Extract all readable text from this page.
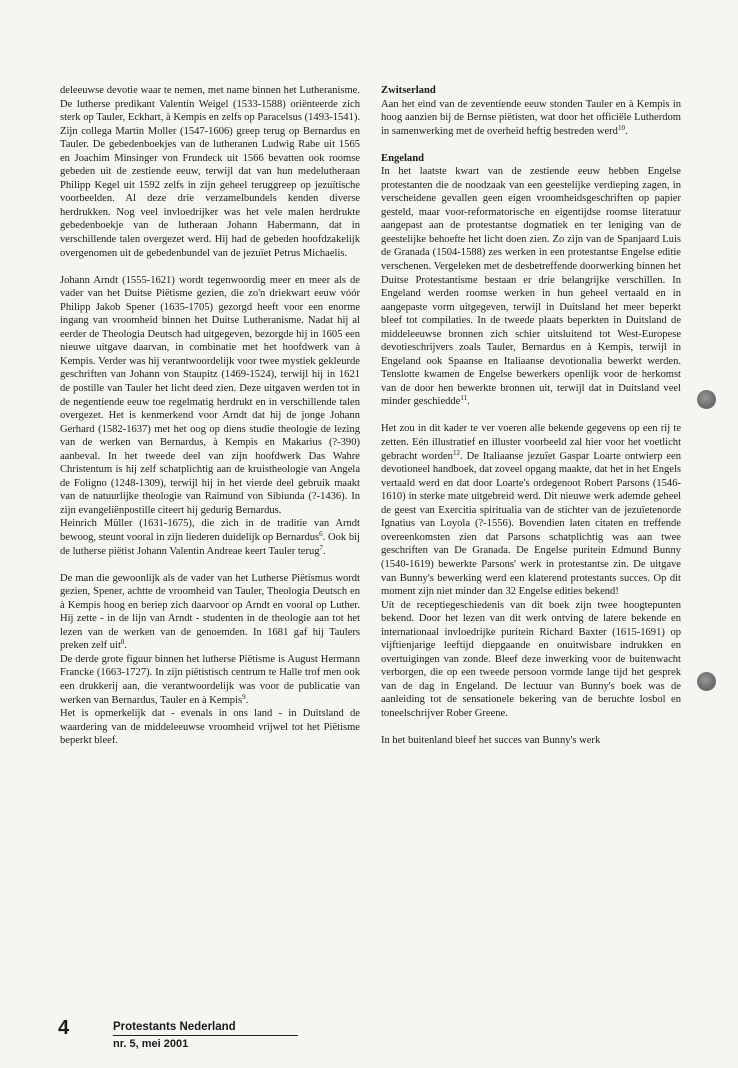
deleeuwse devotie waar te nemen, met name binnen het Lutheranisme. De lutherse predikant Valentin Weigel (1533-1588) oriënteerde zich sterk op Tauler, Eckhart, à Kempis en zelfs op Paracelsus (1493-1541). Zijn collega Martin Moller (1547-1606) greep terug op Bernardus en Tauler. De gebedenboekjes van de lutheranen Ludwig Rabe uit 1565 en Joachim Minsinger von Frundeck uit 1566 bevatten ook roomse gebeden uit de zestiende eeuw, terwijl dat van hun medelutheraan Philipp Kegel uit 1592 zelfs in zijn geheel teruggreep op jezuïtische voorbeelden. Al deze drie verzamelbundels kenden diverse herdrukken. Nog veel invloedrijker was het vele malen herdrukte gebedenboekje van de lutheraan Johann Habermann, dat in verschillende talen overgezet werd. Hij had de gebeden hoofdzakelijk overgenomen uit de gebedenbundel van de jezuïet Petrus Michaelis.

Johann Arndt (1555-1621) wordt tegenwoordig meer en meer als de vader van het Duitse Piëtisme gezien, die zo'n driekwart eeuw vóór Philipp Jakob Spener (1635-1705) gezorgd heeft voor een enorme ingang van vroomheid binnen het Duitse Lutheranisme. Nadat hij al eerder de Theologia Deutsch had uitgegeven, bezorgde hij in 1605 een nieuwe uitgave daarvan, in combinatie met het hoofdwerk van à Kempis. Verder was hij verantwoordelijk voor twee mystiek gekleurde geschriften van Johann von Staupitz (1469-1524), terwijl hij in 1621 de postille van Tauler het licht deed zien. Deze uitgaven werden tot in de negentiende eeuw toe regelmatig herdrukt en in verschillende talen overgezet. Het is kenmerkend voor Arndt dat hij de jonge Johann Gerhard (1582-1637) met het oog op diens studie theologie de lezing van de werken van Bernardus, à Kempis en Makarius (?-390) aanbeval. In het tweede deel van zijn hoofdwerk Das Wahre Christentum is hij zelf schatplichtig aan de kruistheologie van Angela de Foligno (1248-1309), terwijl hij in het vierde deel gebruik maakt van de natuurlijke theologie van Raimund von Sibiunda (?-1436). In zijn evangeliënpostille citeert hij gedurig Bernardus.

Heinrich Müller (1631-1675), die zich in de traditie van Arndt bewoog, steunt vooral in zijn liederen duidelijk op Bernardus$^6$. Ook bij de lutherse piëtist Johann Valentin Andreae keert Tauler terug$^7$.

De man die gewoonlijk als de vader van het Lutherse Piëtismus wordt gezien, Spener, achtte de vroomheid van Tauler, Theologia Deutsch en à Kempis hoog en beriep zich daarvoor op Arndt en vooral op Luther. Hij zette - in de lijn van Arndt - studenten in de theologie aan tot het lezen van de werken van de genoemden. In 1681 gaf hij Taulers preken zelf uit$^8$.

De derde grote figuur binnen het lutherse Piëtisme is August Hermann Francke (1663-1727). In zijn piëtistisch centrum te Halle trof men ook een drukkerij aan, die verantwoordelijk was voor de publicatie van werken van Bernardus, Tauler en à Kempis$^9$.

Het is opmerkelijk dat - evenals in ons land - in Duitsland de waardering van de middeleeuwse vroomheid vrijwel tot het Piëtisme beperkt bleef.

Zwitserland

Aan het eind van de zeventiende eeuw stonden Tauler en à Kempis in hoog aanzien bij de Bernse piëtisten, wat door het officiële Lutherdom in samenwerking met de overheid heftig bestreden werd$^{10}$.

Engeland

In het laatste kwart van de zestiende eeuw hebben Engelse protestanten die de noodzaak van een geestelijke verdieping zagen, in verscheidene gevallen geen eigen vroomheidsgeschriften op papier gesteld, maar voor-reformatorische en eigentijdse roomse literatuur aangepast aan de protestantse dogmatiek en ter leniging van de geestelijke behoefte het licht doen zien. Zo zijn van de Spanjaard Luis de Granada (1504-1588) zes werken in een protestantse Engelse editie verschenen. Vergeleken met de desbetreffende doorwerking binnen het Duitse Protestantisme bestaan er drie belangrijke verschillen. In Engeland werden roomse werken in hun geheel vertaald en in aangepaste vorm uitgegeven, terwijl in Duitsland het meer beperkt bleef tot compilaties. In de tweede plaats beperkten in Duitsland de middeleeuwse bronnen zich schier uitsluitend tot West-Europese devotieschrijvers zoals Tauler, Bernardus en à Kempis, terwijl in Engeland ook Spaanse en Italiaanse devotionalia bewerkt werden. Tenslotte kwamen de Engelse bewerkers openlijk voor de herkomst van de door hen bewerkte bronnen uit, terwijl dat in Duitsland veel minder geschiedde$^{11}$.

Het zou in dit kader te ver voeren alle bekende gegevens op een rij te zetten. Eén illustratief en illuster voorbeeld zal hier voor het voetlicht gebracht worden$^{12}$. De Italiaanse jezuïet Gaspar Loarte ontwierp een devotioneel handboek, dat zoveel opgang maakte, dat het in het Engels vertaald werd en dat door Loarte's ordegenoot Robert Parsons (1546-1610) in sterke mate uitgebreid werd. Dit nieuwe werk ademde geheel de geest van Exercitia spiritualia van de stichter van de jezuïetenorde Ignatius van Loyola (?-1556). Bovendien laten citaten en treffende overeenkomsten zien dat Parsons schatplichtig was aan twee geschriften van De Granada. De Engelse puritein Edmund Bunny (1540-1619) bewerkte Parsons' werk in protestantse zin. De uitgave van Bunny's bewerking werd een klaterend protestants succes. Op dit moment zijn niet minder dan 32 Engelse edities bekend!

Uit de receptiegeschiedenis van dit boek zijn twee hoogtepunten bekend. Door het lezen van dit werk ontving de latere bekende en internationaal invloedrijke puritein Richard Baxter (1615-1691) op vijftienjarige leeftijd diepgaande en onuitwisbare indrukken en overtuigingen van zonde. Bleef deze inwerking voor de buitenwacht verborgen, die op een tweede persoon vormde lange tijd het gesprek van de dag in Engeland. De lectuur van Bunny's boek was de aanleiding tot de sensationele bekering van de beruchte losbol en toneelschrijver Rober Greene.

In het buitenland bleef het succes van Bunny's werk

4	Protestants Nederland
nr. 5, mei 2001
